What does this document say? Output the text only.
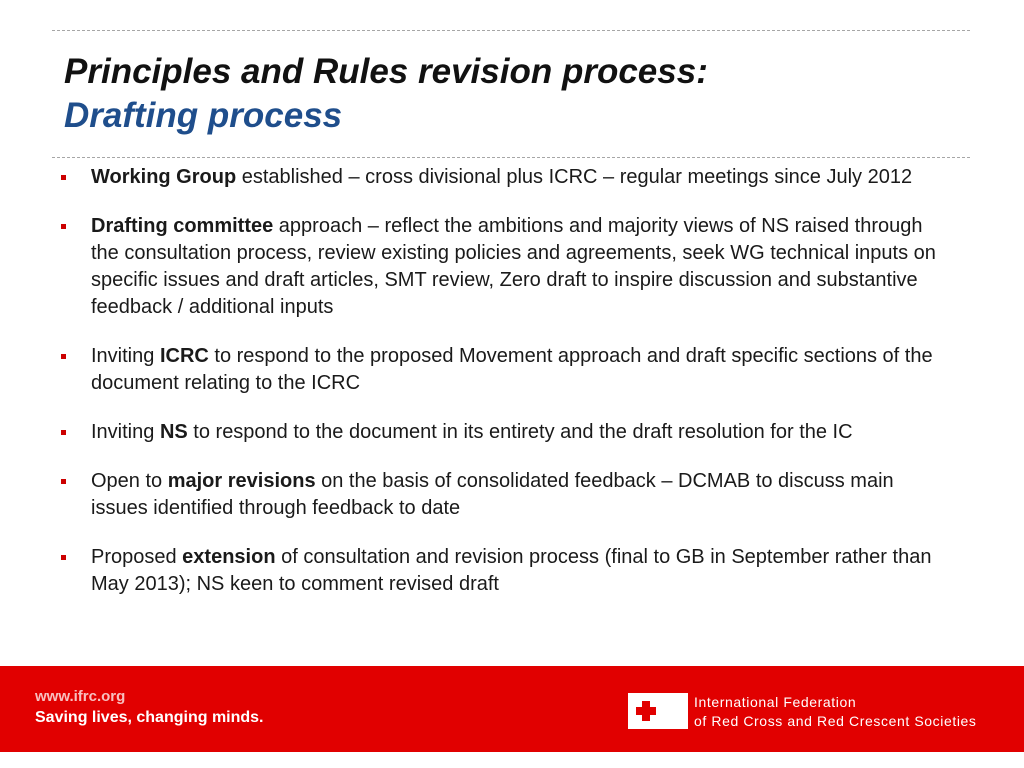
Principles and Rules revision process:
Drafting process
Working Group established – cross divisional plus ICRC – regular meetings since July 2012
Drafting committee approach – reflect the ambitions and majority views of NS raised through the consultation process, review existing policies and agreements, seek WG technical inputs on specific issues and draft articles, SMT review, Zero draft to inspire discussion and substantive feedback / additional inputs
Inviting ICRC to respond to the proposed Movement approach and draft specific sections of the document relating to the ICRC
Inviting NS to respond to the document in its entirety and the draft resolution for the IC
Open to major revisions on the basis of consolidated feedback – DCMAB to discuss main issues identified through feedback to date
Proposed extension of consultation and revision process (final to GB in September rather than May 2013); NS keen to comment revised draft
www.ifrc.org
Saving lives, changing minds.
International Federation
of Red Cross and Red Crescent Societies
